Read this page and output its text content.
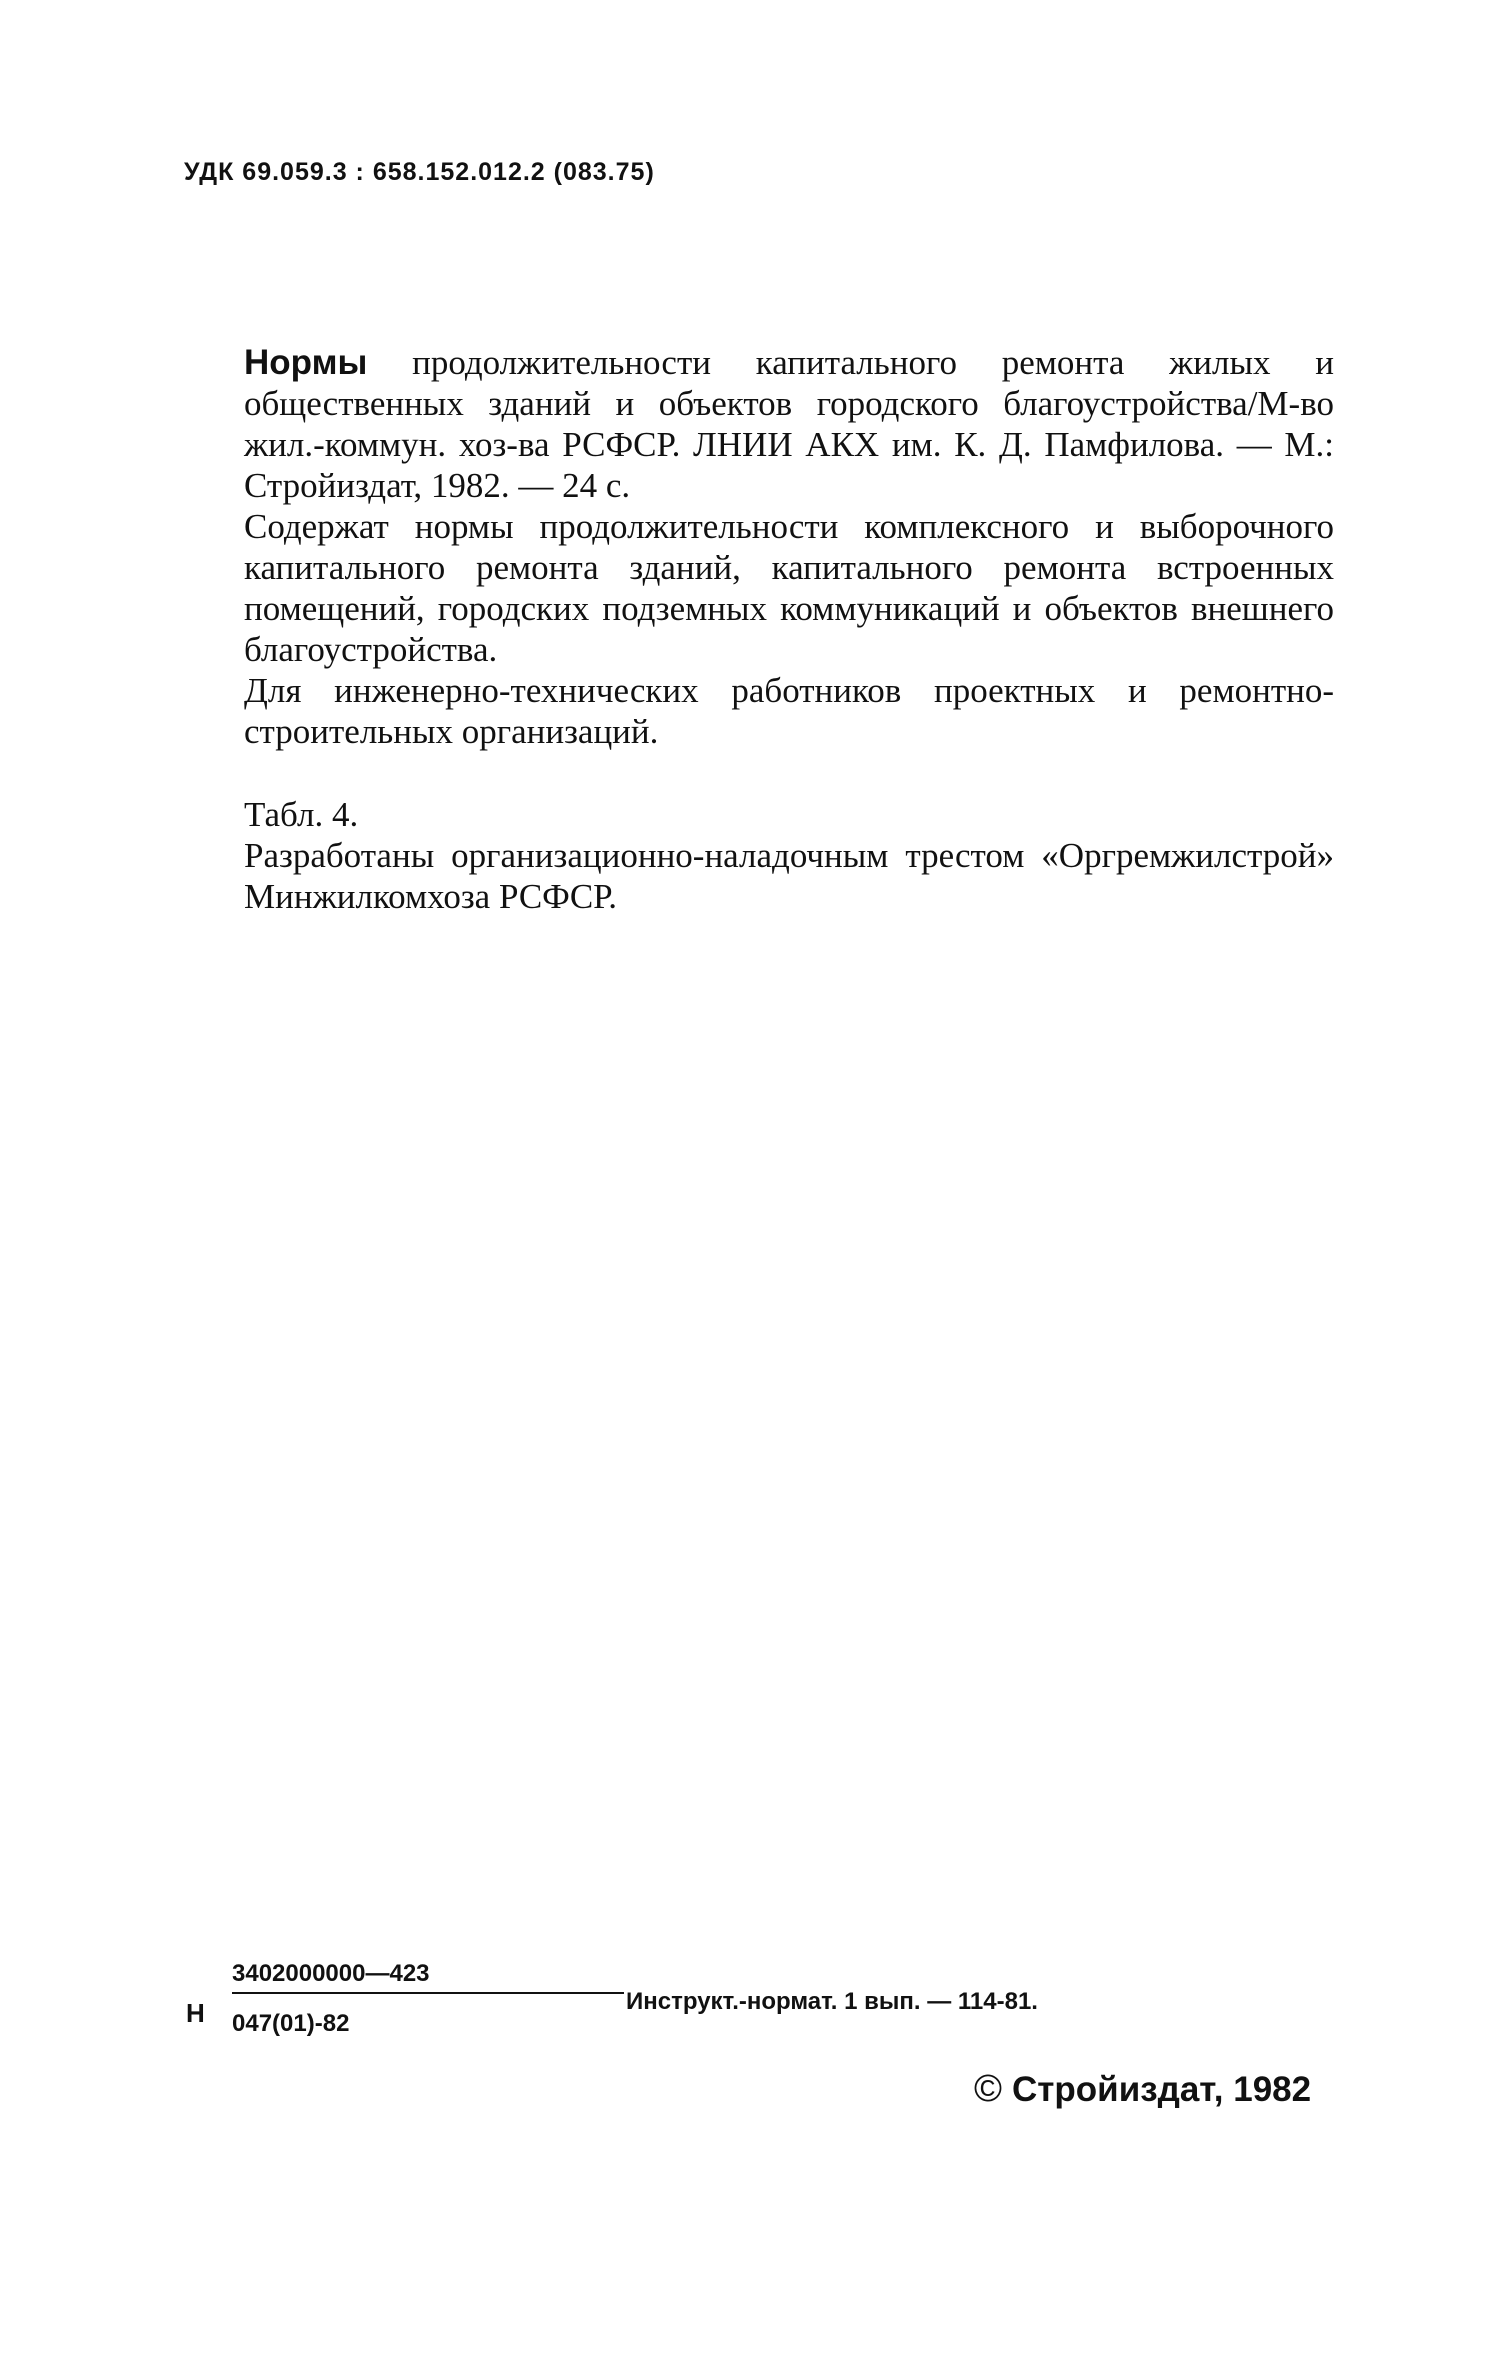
УДК 69.059.3 : 658.152.012.2 (083.75)

Нормы продолжительности капитального ремонта жилых и общественных зданий и объектов городского благоустройства/М-во жил.-коммун. хоз-ва РСФСР. ЛНИИ АКХ им. К. Д. Памфилова. — М.: Стройиздат, 1982. — 24 с.

Содержат нормы продолжительности комплексного и выборочного капитального ремонта зданий, капитального ремонта встроенных помещений, городских подземных коммуникаций и объектов внешнего благоустройства.

Для инженерно-технических работников проектных и ремонтно-строительных организаций.

Табл. 4.

Разработаны организационно-наладочным трестом «Оргремжилстрой» Минжилкомхоза РСФСР.

Н
3402000000—423
047(01)-82
Инструкт.-нормат. 1 вып. — 114-81.
© Стройиздат, 1982
